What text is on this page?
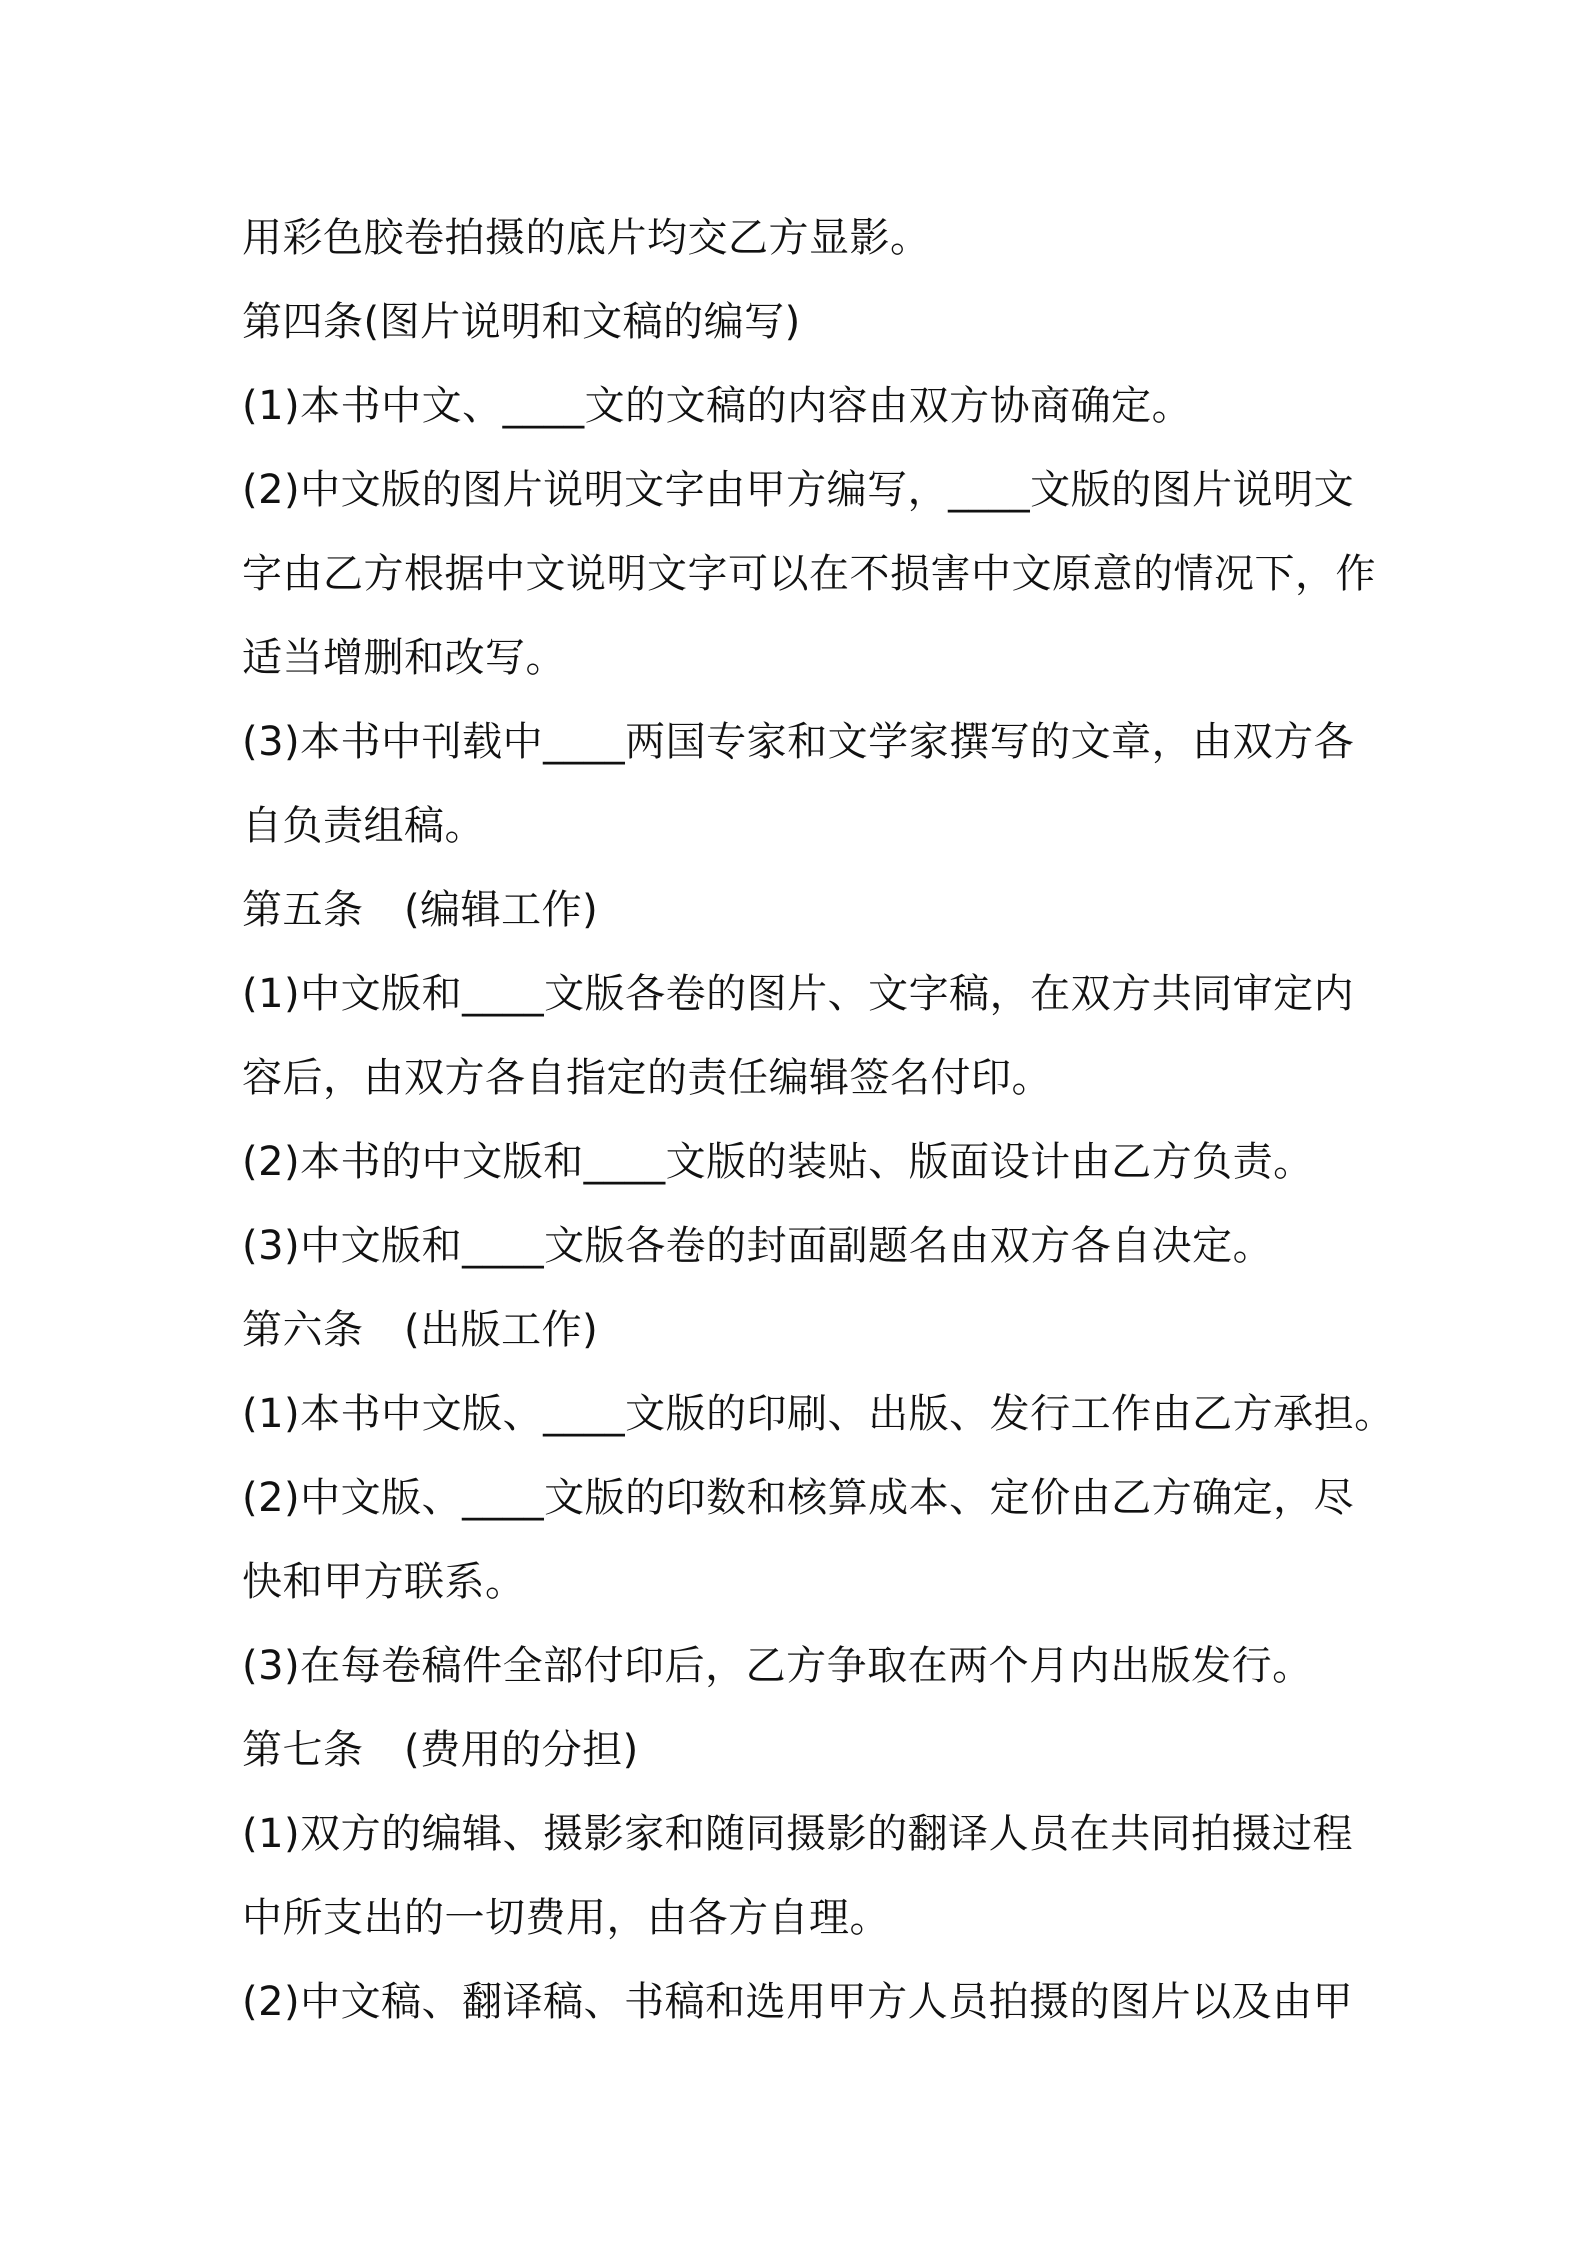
用彩色胶卷拍摄的底片均交乙方显影。
第四条(图片说明和文稿的编写)
(1)本书中文、____文的文稿的内容由双方协商确定。
(2)中文版的图片说明文字由甲方编写，____文版的图片说明文
字由乙方根据中文说明文字可以在不损害中文原意的情况下，作
适当增删和改写。
(3)本书中刊载中____两国专家和文学家撰写的文章，由双方各
自负责组稿。
第五条　(编辑工作)
(1)中文版和____文版各卷的图片、文字稿，在双方共同审定内
容后，由双方各自指定的责任编辑签名付印。
(2)本书的中文版和____文版的装贴、版面设计由乙方负责。
(3)中文版和____文版各卷的封面副题名由双方各自决定。
第六条　(出版工作)
(1)本书中文版、____文版的印刷、出版、发行工作由乙方承担。
(2)中文版、____文版的印数和核算成本、定价由乙方确定，尽
快和甲方联系。
(3)在每卷稿件全部付印后，乙方争取在两个月内出版发行。
第七条　(费用的分担)
(1)双方的编辑、摄影家和随同摄影的翻译人员在共同拍摄过程
中所支出的一切费用，由各方自理。
(2)中文稿、翻译稿、书稿和选用甲方人员拍摄的图片以及由甲
